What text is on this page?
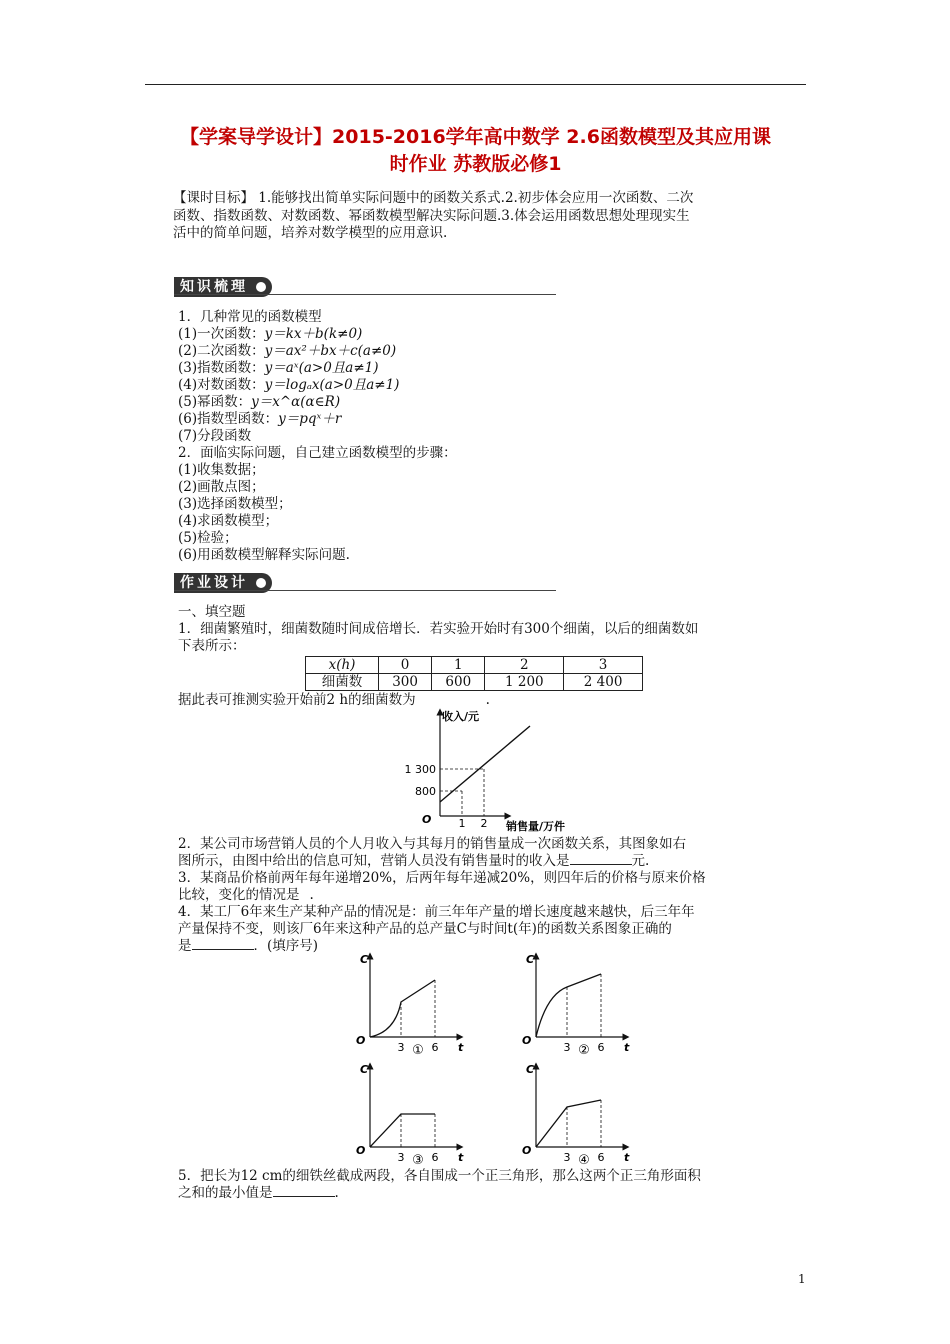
【学案导学设计】2015-2016学年高中数学 2.6函数模型及其应用课
时作业 苏教版必修1
【课时目标】 1.能够找出简单实际问题中的函数关系式.2.初步体会应用一次函数、二次
函数、指数函数、对数函数、幂函数模型解决实际问题.3.体会运用函数思想处理现实生
活中的简单问题，培养对数学模型的应用意识.
知识梳理
1．几种常见的函数模型
(1)一次函数：y＝kx＋b(k≠0)
(2)二次函数：y＝ax²＋bx＋c(a≠0)
(3)指数函数：y＝aˣ(a>0且a≠1)
(4)对数函数：y＝logₐx(a>0且a≠1)
(5)幂函数：y＝x^α(α∈R)
(6)指数型函数：y＝pqˣ＋r
(7)分段函数
2．面临实际问题，自己建立函数模型的步骤：
(1)收集数据；
(2)画散点图；
(3)选择函数模型；
(4)求函数模型；
(5)检验；
(6)用函数模型解释实际问题.
作业设计
一、填空题
1．细菌繁殖时，细菌数随时间成倍增长．若实验开始时有300个细菌，以后的细菌数如
下表所示：
x(h)	0	1	2	3
细菌数	300	600	1 200	2 400
据此表可推测实验开始前2 h的细菌数为	.
收入/元
1 300
800
O 1 2 销售量/万件
2．某公司市场营销人员的个人月收入与其每月的销售量成一次函数关系，其图象如右
图所示，由图中给出的信息可知，营销人员没有销售量时的收入是	元.
3．某商品价格前两年每年递增20%，后两年每年递减20%，则四年后的价格与原来价格
比较，变化的情况是 .
4．某工厂6年来生产某种产品的情况是：前三年年产量的增长速度越来越快，后三年年
产量保持不变，则该厂6年来这种产品的总产量C与时间t(年)的函数关系图象正确的
是	．(填序号)
C
O
3 6 t
①
C
O
3 6 t
②
C
O
3 6 t
③
C
O
3 6 t
④
5．把长为12 cm的细铁丝截成两段，各自围成一个正三角形，那么这两个正三角形面积
之和的最小值是	.
1
